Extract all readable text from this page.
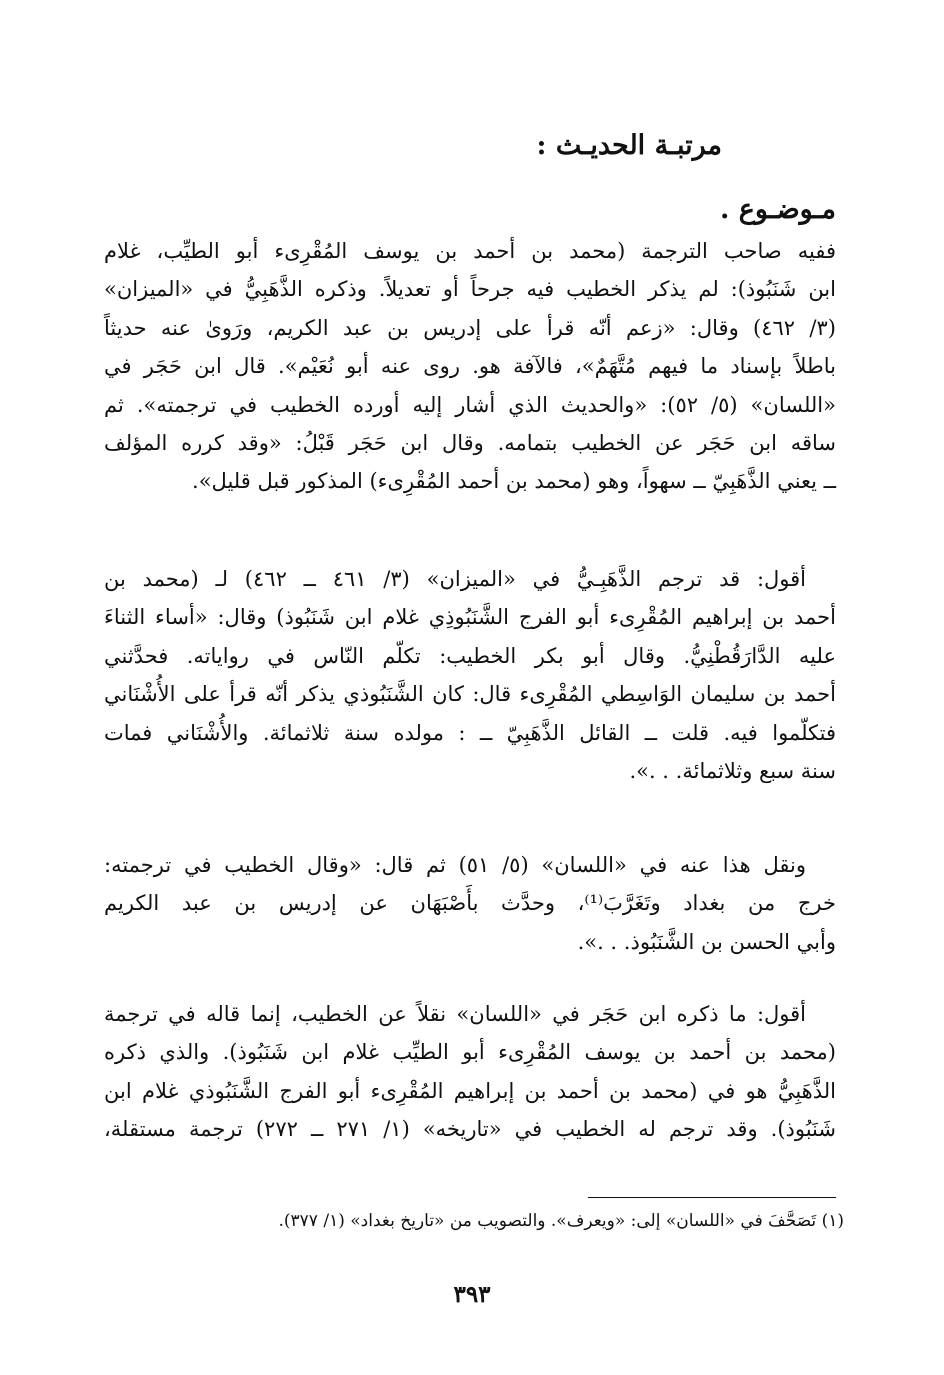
مرتبـة الحديـث :
مـوضـوع .

ففيه صاحب الترجمة (محمد بن أحمد بن يوسف المُقْرِىء أبو الطيِّب، غلام
ابن شَنَبُوذ): لم يذكر الخطيب فيه جرحاً أو تعديلاً. وذكره الذَّهَبِيُّ في «الميزان»
(٣/ ٤٦٢) وقال: «زعم أنّه قرأ على إدريس بن عبد الكريم، ورَوىٰ عنه حديثاً
باطلاً بإسناد ما فيهم مُتَّهَمٌ»، فالآفة هو. روى عنه أبو نُعَيْم». قال ابن حَجَر في
«اللسان» (٥/ ٥٢): «والحديث الذي أشار إليه أورده الخطيب في ترجمته». ثم
ساقه ابن حَجَر عن الخطيب بتمامه. وقال ابن حَجَر قَبْلُ: «وقد كرره المؤلف
ــ يعني الذَّهَبِيّ ــ سهواً، وهو (محمد بن أحمد المُقْرِىء) المذكور قبل قليل».

أقول: قد ترجم الذَّهَبِـيُّ في «الميزان» (٣/ ٤٦١ ــ ٤٦٢) لـ (محمد بن
أحمد بن إبراهيم المُقْرِىء أبو الفرج الشَّنَبُوذِي غلام ابن شَنَبُوذ) وقال: «أساء الثناءَ
عليه الدَّارَقُطْنِيُّ. وقال أبو بكر الخطيب: تكلّم النّاس في رواياته. فحدَّثني
أحمد بن سليمان الوَاسِطي المُقْرِىء قال: كان الشَّنَبُوذي يذكر أنّه قرأ على الأُشْنَاني
فتكلّموا فيه. قلت ــ القائل الذَّهَبِيّ ــ : مولده سنة ثلاثمائة. والأُشْنَاني فمات
سنة سبع وثلاثمائة. . .».

ونقل هذا عنه في «اللسان» (٥/ ٥١) ثم قال: «وقال الخطيب في ترجمته:
خرج من بغداد وتَغَرَّبَ⁽¹⁾، وحدَّث بأَصْبَهَان عن إدريس بن عبد الكريم
وأبي الحسن بن الشَّنَبُوذ. . .».

أقول: ما ذكره ابن حَجَر في «اللسان» نقلاً عن الخطيب، إنما قاله في ترجمة
(محمد بن أحمد بن يوسف المُقْرِىء أبو الطيِّب غلام ابن شَنَبُوذ). والذي ذكره
الذَّهَبِيُّ هو في (محمد بن أحمد بن إبراهيم المُقْرِىء أبو الفرج الشَّنَبُوذي غلام ابن
شَنَبُوذ). وقد ترجم له الخطيب في «تاريخه» (١/ ٢٧١ ــ ٢٧٢) ترجمة مستقلة،

(١) تَصَحَّفَ في «اللسان» إلى: «ويعرف». والتصويب من «تاريخ بغداد» (١/ ٣٧٧).
٣٩٣
